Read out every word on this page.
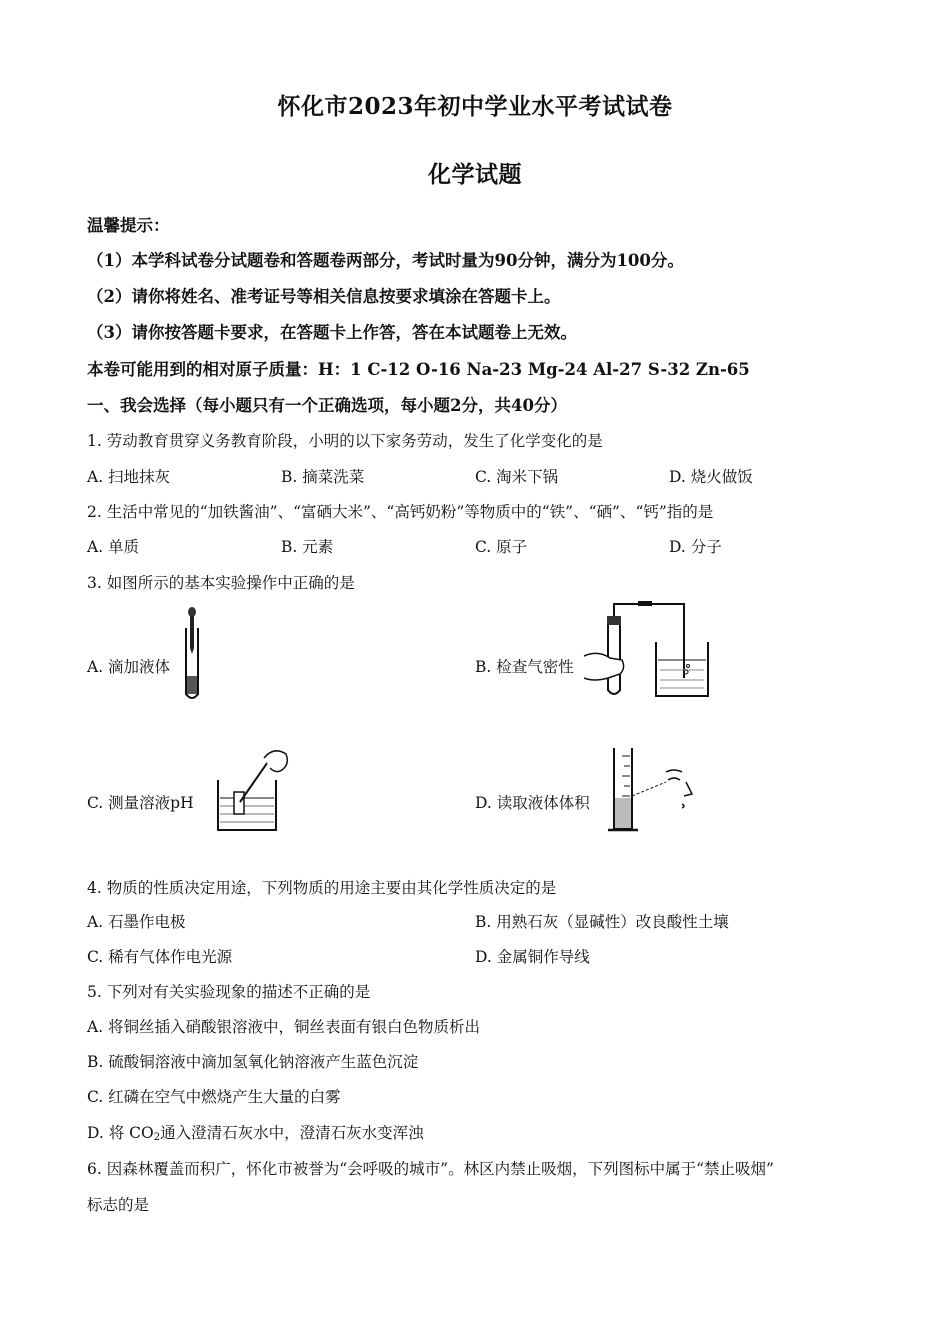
怀化市2023年初中学业水平考试试卷
化学试题
温馨提示：
（1）本学科试卷分试题卷和答题卷两部分，考试时量为90分钟，满分为100分。
（2）请你将姓名、准考证号等相关信息按要求填涂在答题卡上。
（3）请你按答题卡要求，在答题卡上作答，答在本试题卷上无效。
本卷可能用到的相对原子质量：H：1 C-12 O-16 Na-23 Mg-24 Al-27 S-32 Zn-65
一、我会选择（每小题只有一个正确选项，每小题2分，共40分）
1. 劳动教育贯穿义务教育阶段，小明的以下家务劳动，发生了化学变化的是
A. 扫地抹灰	B. 摘菜洗菜	C. 淘米下锅	D. 烧火做饭
2. 生活中常见的“加铁酱油”、“富硒大米”、“高钙奶粉”等物质中的“铁”、“硒”、“钙”指的是
A. 单质	B. 元素	C. 原子	D. 分子
3. 如图所示的基本实验操作中正确的是
A. 滴加液体	B. 检查气密性
C. 测量溶液pH	D. 读取液体体积
4. 物质的性质决定用途，下列物质的用途主要由其化学性质决定的是
A. 石墨作电极	B. 用熟石灰（显碱性）改良酸性土壤
C. 稀有气体作电光源	D. 金属铜作导线
5. 下列对有关实验现象的描述不正确的是
A. 将铜丝插入硝酸银溶液中，铜丝表面有银白色物质析出
B. 硫酸铜溶液中滴加氢氧化钠溶液产生蓝色沉淀
C. 红磷在空气中燃烧产生大量的白雾
D. 将 $CO_2$通入澄清石灰水中，澄清石灰水变浑浊
6. 因森林覆盖而积广，怀化市被誉为“会呼吸的城市”。林区内禁止吸烟，下列图标中属于“禁止吸烟”
标志的是
